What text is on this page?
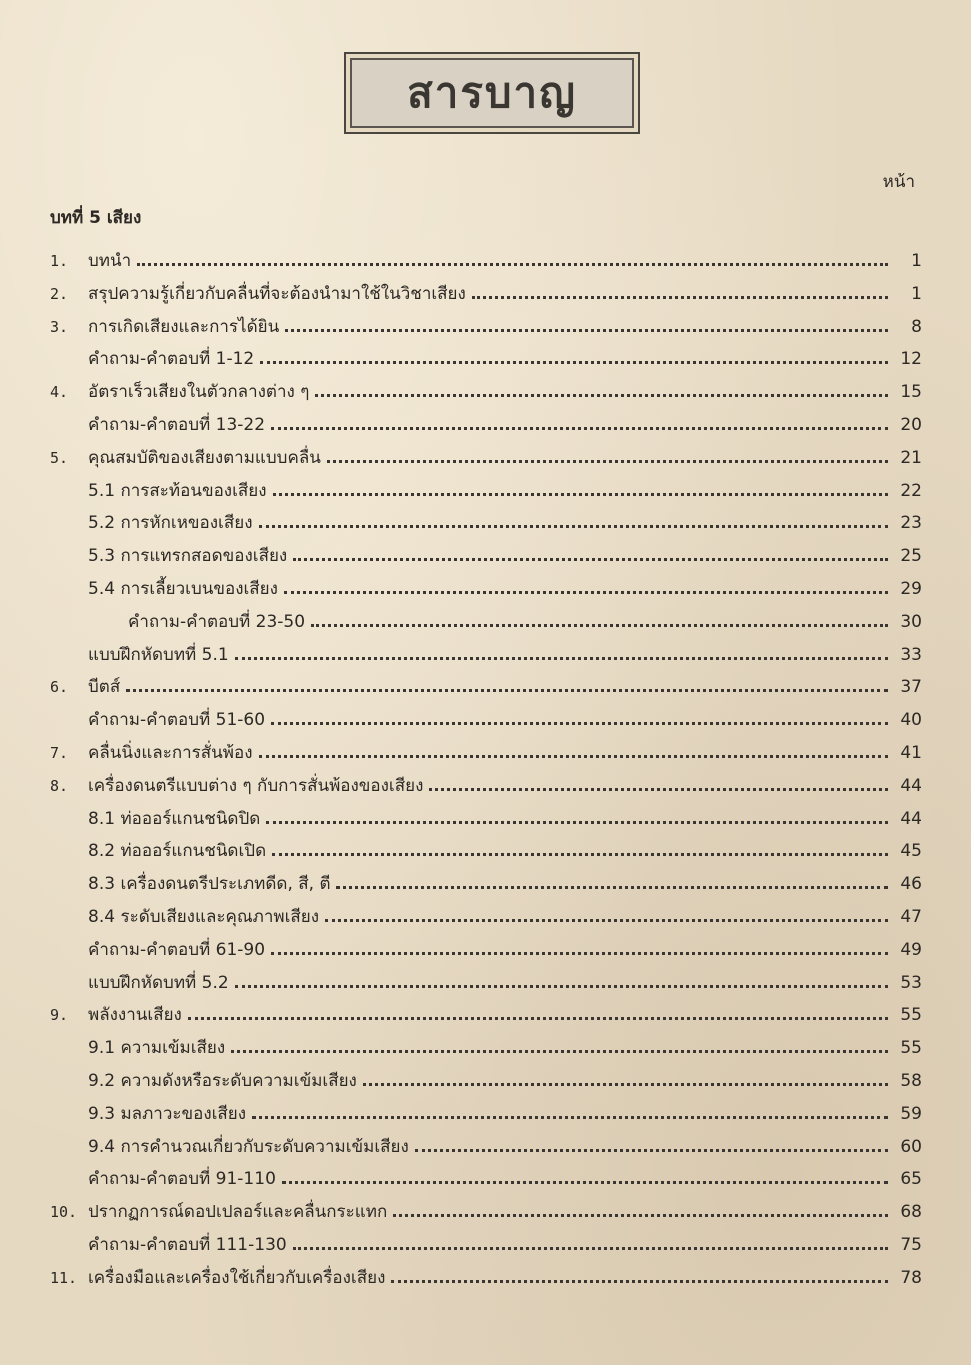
สารบาญ
หน้า
บทที่ 5 เสียง
1.	บทนำ	1
2.	สรุปความรู้เกี่ยวกับคลื่นที่จะต้องนำมาใช้ในวิชาเสียง	1
3.	การเกิดเสียงและการได้ยิน	8
คำถาม-คำตอบที่ 1-12	12
4.	อัตราเร็วเสียงในตัวกลางต่าง ๆ	15
คำถาม-คำตอบที่ 13-22	20
5.	คุณสมบัติของเสียงตามแบบคลื่น	21
5.1 การสะท้อนของเสียง	22
5.2 การหักเหของเสียง	23
5.3 การแทรกสอดของเสียง	25
5.4 การเลี้ยวเบนของเสียง	29
คำถาม-คำตอบที่ 23-50	30
แบบฝึกหัดบทที่ 5.1	33
6.	บีตส์	37
คำถาม-คำตอบที่ 51-60	40
7.	คลื่นนิ่งและการสั่นพ้อง	41
8.	เครื่องดนตรีแบบต่าง ๆ กับการสั่นพ้องของเสียง	44
8.1 ท่อออร์แกนชนิดปิด	44
8.2 ท่อออร์แกนชนิดเปิด	45
8.3 เครื่องดนตรีประเภทดีด, สี, ตี	46
8.4 ระดับเสียงและคุณภาพเสียง	47
คำถาม-คำตอบที่ 61-90	49
แบบฝึกหัดบทที่ 5.2	53
9.	พลังงานเสียง	55
9.1 ความเข้มเสียง	55
9.2 ความดังหรือระดับความเข้มเสียง	58
9.3 มลภาวะของเสียง	59
9.4 การคำนวณเกี่ยวกับระดับความเข้มเสียง	60
คำถาม-คำตอบที่ 91-110	65
10. ปรากฏการณ์ดอปเปลอร์และคลื่นกระแทก	68
คำถาม-คำตอบที่ 111-130	75
11. เครื่องมือและเครื่องใช้เกี่ยวกับเครื่องเสียง	78
